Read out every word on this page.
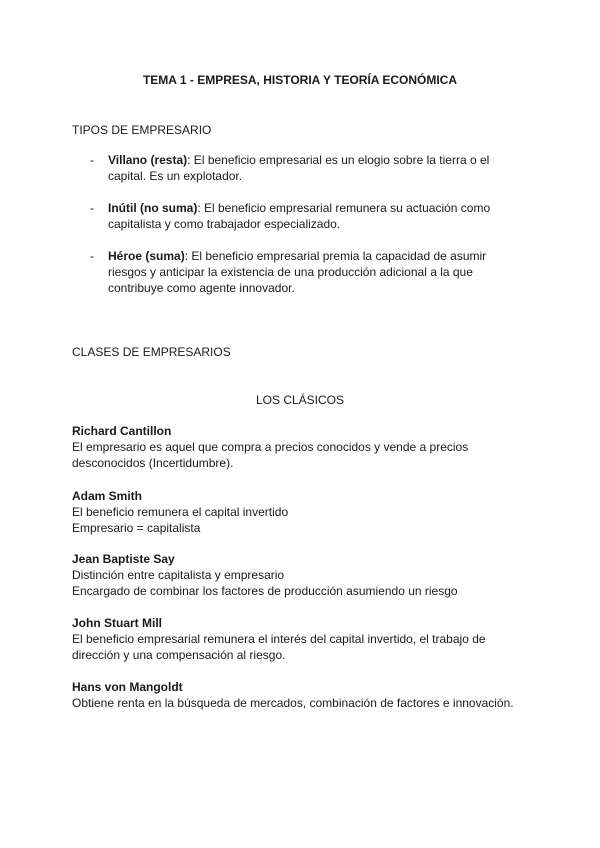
TEMA 1 - EMPRESA, HISTORIA Y TEORÍA ECONÓMICA
TIPOS DE EMPRESARIO
- Villano (resta): El beneficio empresarial es un elogio sobre la tierra o el capital. Es un explotador.
- Inútil (no suma): El beneficio empresarial remunera su actuación como capitalista y como trabajador especializado.
- Héroe (suma): El beneficio empresarial premia la capacidad de asumir riesgos y anticipar la existencia de una producción adicional a la que contribuye como agente innovador.
CLASES DE EMPRESARIOS
LOS CLÁSICOS
Richard Cantillon
El empresario es aquel que compra a precios conocidos y vende a precios desconocidos (Incertidumbre).
Adam Smith
El beneficio remunera el capital invertido
Empresario = capitalista
Jean Baptiste Say
Distinción entre capitalista y empresario
Encargado de combinar los factores de producción asumiendo un riesgo
John Stuart Mill
El beneficio empresarial remunera el interés del capital invertido, el trabajo de dirección y una compensación al riesgo.
Hans von Mangoldt
Obtiene renta en la búsqueda de mercados, combinación de factores e innovación.
